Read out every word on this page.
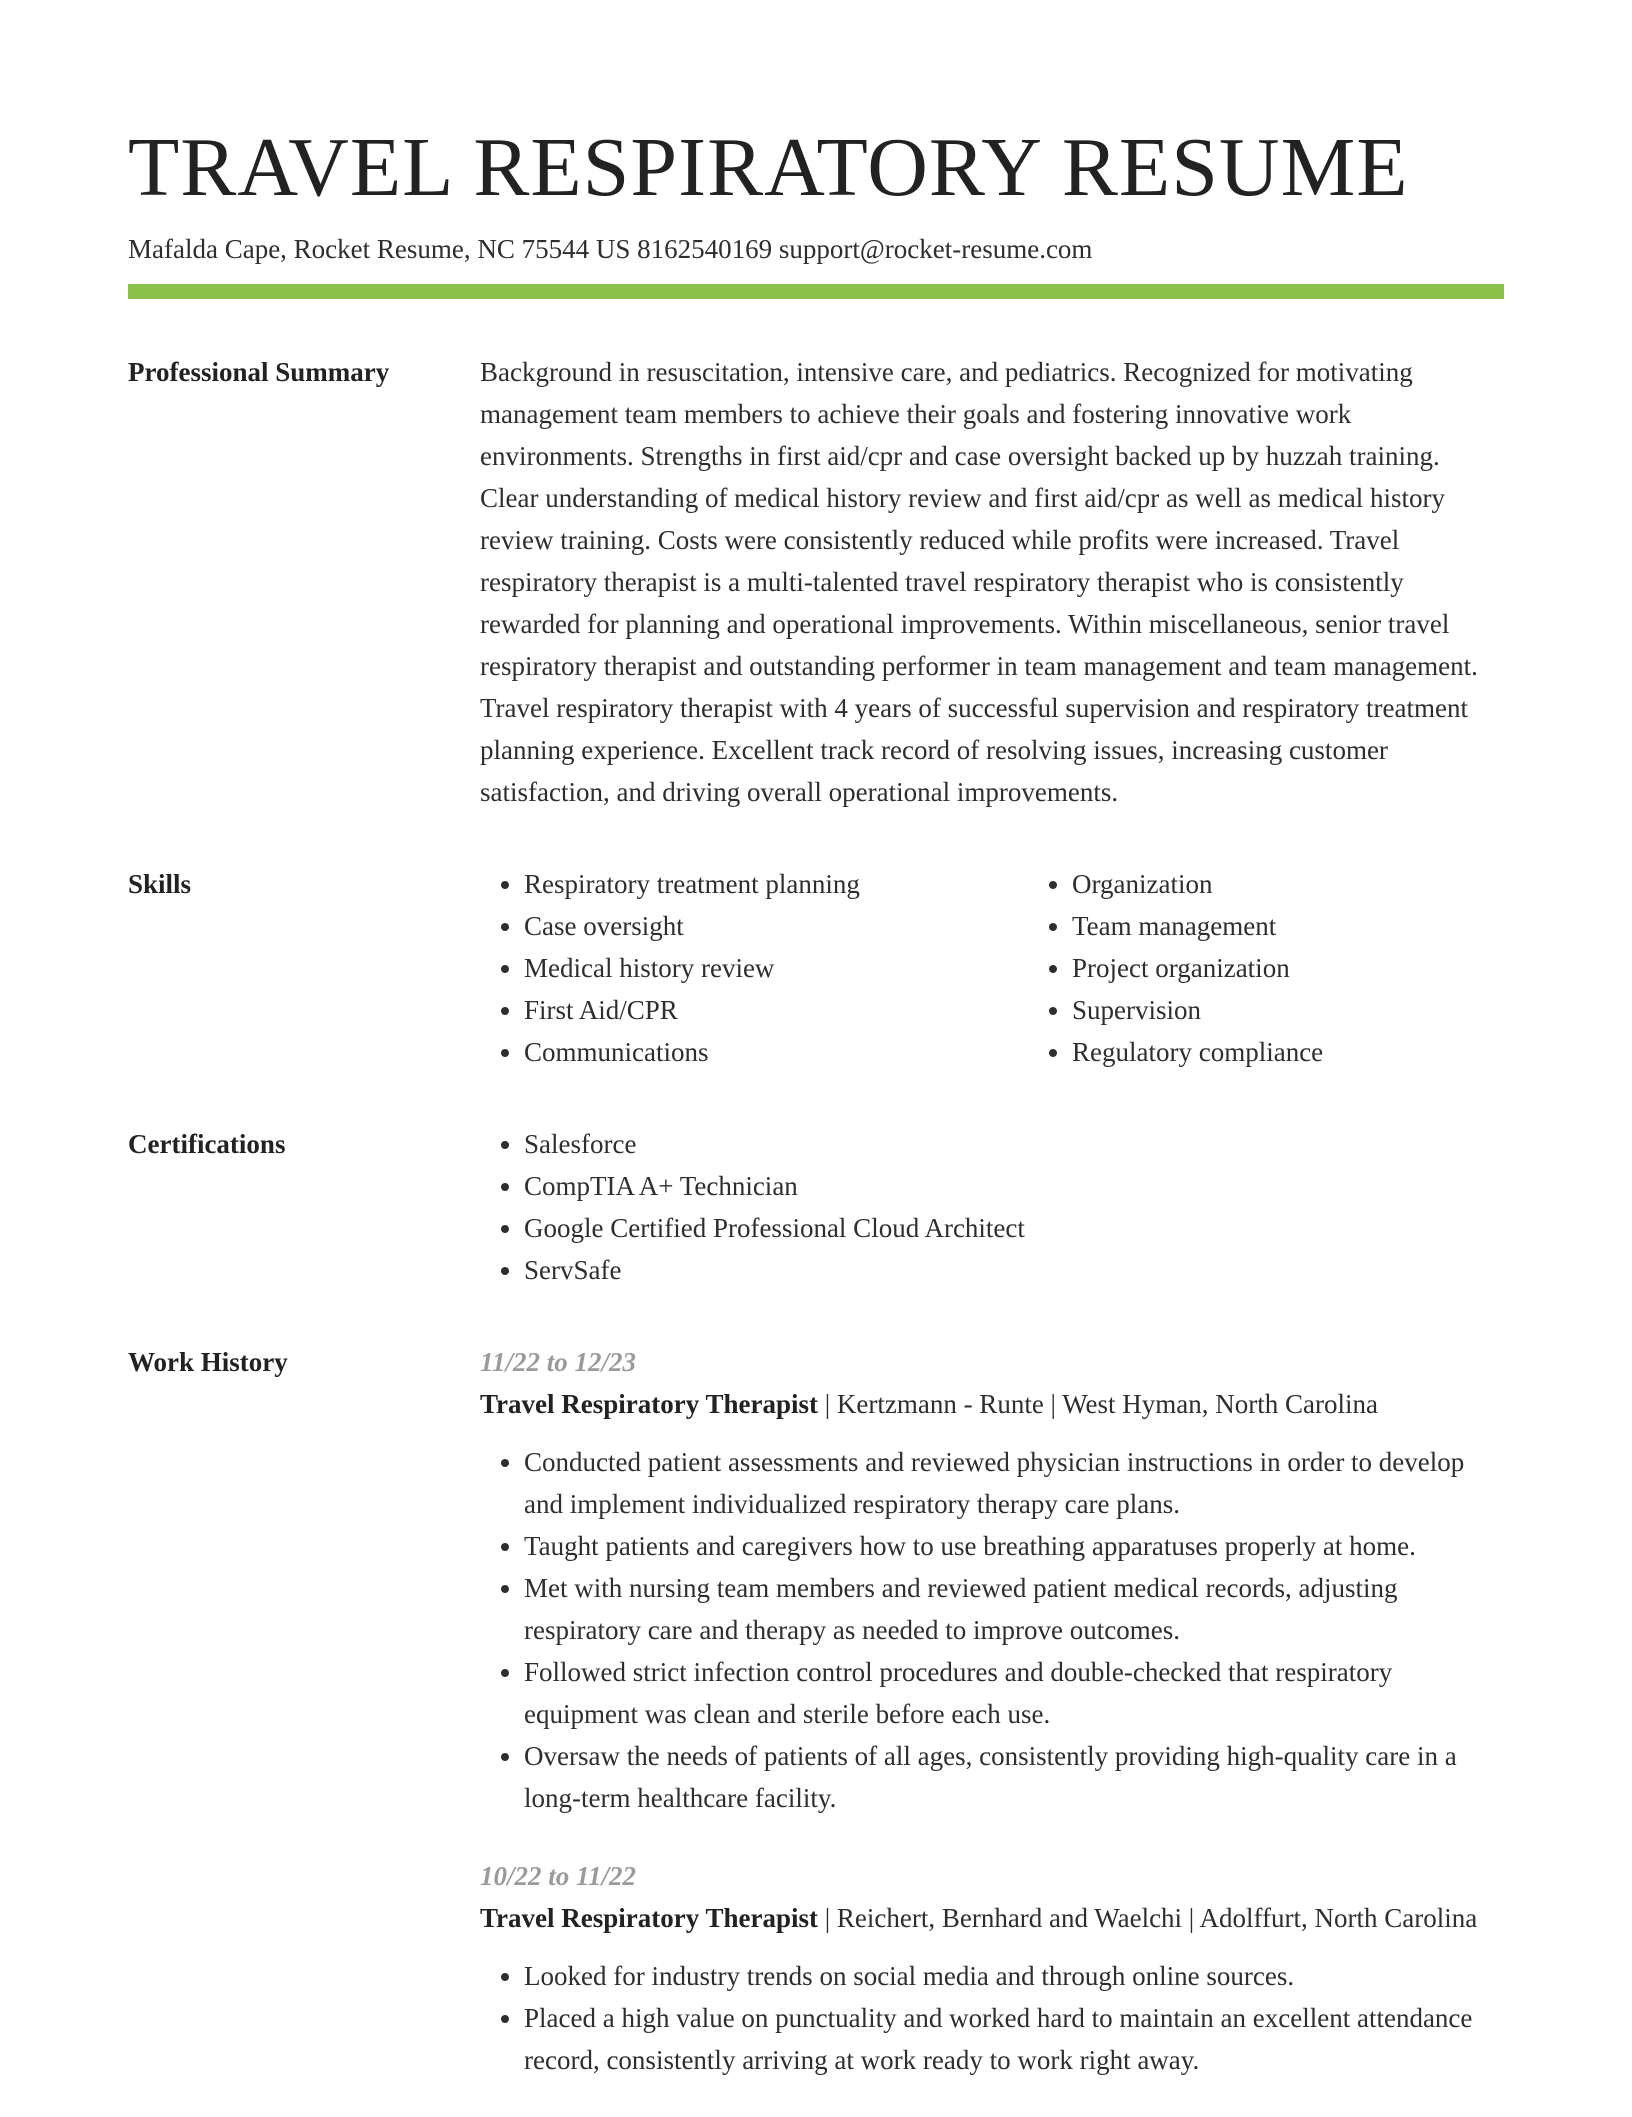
TRAVEL RESPIRATORY RESUME
Mafalda Cape, Rocket Resume, NC 75544 US 8162540169 support@rocket-resume.com
Professional Summary	Background in resuscitation, intensive care, and pediatrics. Recognized for motivating management team members to achieve their goals and fostering innovative work environments. Strengths in first aid/cpr and case oversight backed up by huzzah training. Clear understanding of medical history review and first aid/cpr as well as medical history review training. Costs were consistently reduced while profits were increased. Travel respiratory therapist is a multi-talented travel respiratory therapist who is consistently rewarded for planning and operational improvements. Within miscellaneous, senior travel respiratory therapist and outstanding performer in team management and team management. Travel respiratory therapist with 4 years of successful supervision and respiratory treatment planning experience. Excellent track record of resolving issues, increasing customer satisfaction, and driving overall operational improvements.

Skills	• Respiratory treatment planning
• Case oversight
• Medical history review
• First Aid/CPR
• Communications
• Organization
• Team management
• Project organization
• Supervision
• Regulatory compliance
Certifications	• Salesforce
• CompTIA A+ Technician
• Google Certified Professional Cloud Architect
• ServSafe
Work History	11/22 to 12/23
Travel Respiratory Therapist | Kertzmann - Runte | West Hyman, North Carolina
• Conducted patient assessments and reviewed physician instructions in order to develop and implement individualized respiratory therapy care plans.
• Taught patients and caregivers how to use breathing apparatuses properly at home.
• Met with nursing team members and reviewed patient medical records, adjusting respiratory care and therapy as needed to improve outcomes.
• Followed strict infection control procedures and double-checked that respiratory equipment was clean and sterile before each use.
• Oversaw the needs of patients of all ages, consistently providing high-quality care in a long-term healthcare facility.
10/22 to 11/22
Travel Respiratory Therapist | Reichert, Bernhard and Waelchi | Adolffurt, North Carolina
• Looked for industry trends on social media and through online sources.
• Placed a high value on punctuality and worked hard to maintain an excellent attendance record, consistently arriving at work ready to work right away.
